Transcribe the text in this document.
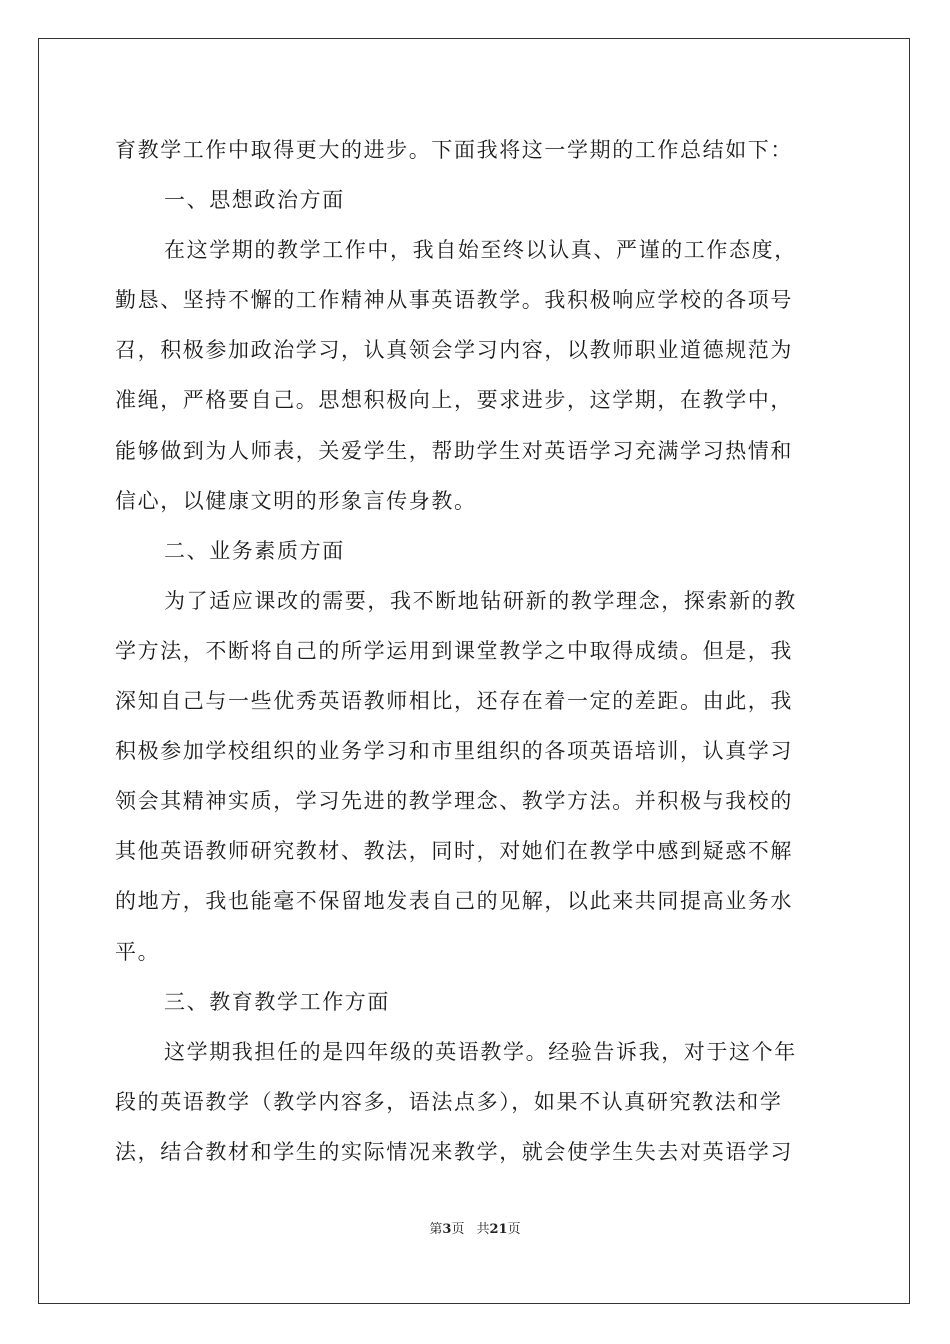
育教学工作中取得更大的进步。下面我将这一学期的工作总结如下：
一、思想政治方面
在这学期的教学工作中，我自始至终以认真、严谨的工作态度，
勤恳、坚持不懈的工作精神从事英语教学。我积极响应学校的各项号
召，积极参加政治学习，认真领会学习内容，以教师职业道德规范为
准绳，严格要自己。思想积极向上，要求进步，这学期，在教学中，
能够做到为人师表，关爱学生，帮助学生对英语学习充满学习热情和
信心，以健康文明的形象言传身教。
二、业务素质方面
为了适应课改的需要，我不断地钻研新的教学理念，探索新的教
学方法，不断将自己的所学运用到课堂教学之中取得成绩。但是，我
深知自己与一些优秀英语教师相比，还存在着一定的差距。由此，我
积极参加学校组织的业务学习和市里组织的各项英语培训，认真学习
领会其精神实质，学习先进的教学理念、教学方法。并积极与我校的
其他英语教师研究教材、教法，同时，对她们在教学中感到疑惑不解
的地方，我也能毫不保留地发表自己的见解，以此来共同提高业务水
平。
三、教育教学工作方面
这学期我担任的是四年级的英语教学。经验告诉我，对于这个年
段的英语教学（教学内容多，语法点多），如果不认真研究教法和学
法，结合教材和学生的实际情况来教学，就会使学生失去对英语学习
第3页 共21页
